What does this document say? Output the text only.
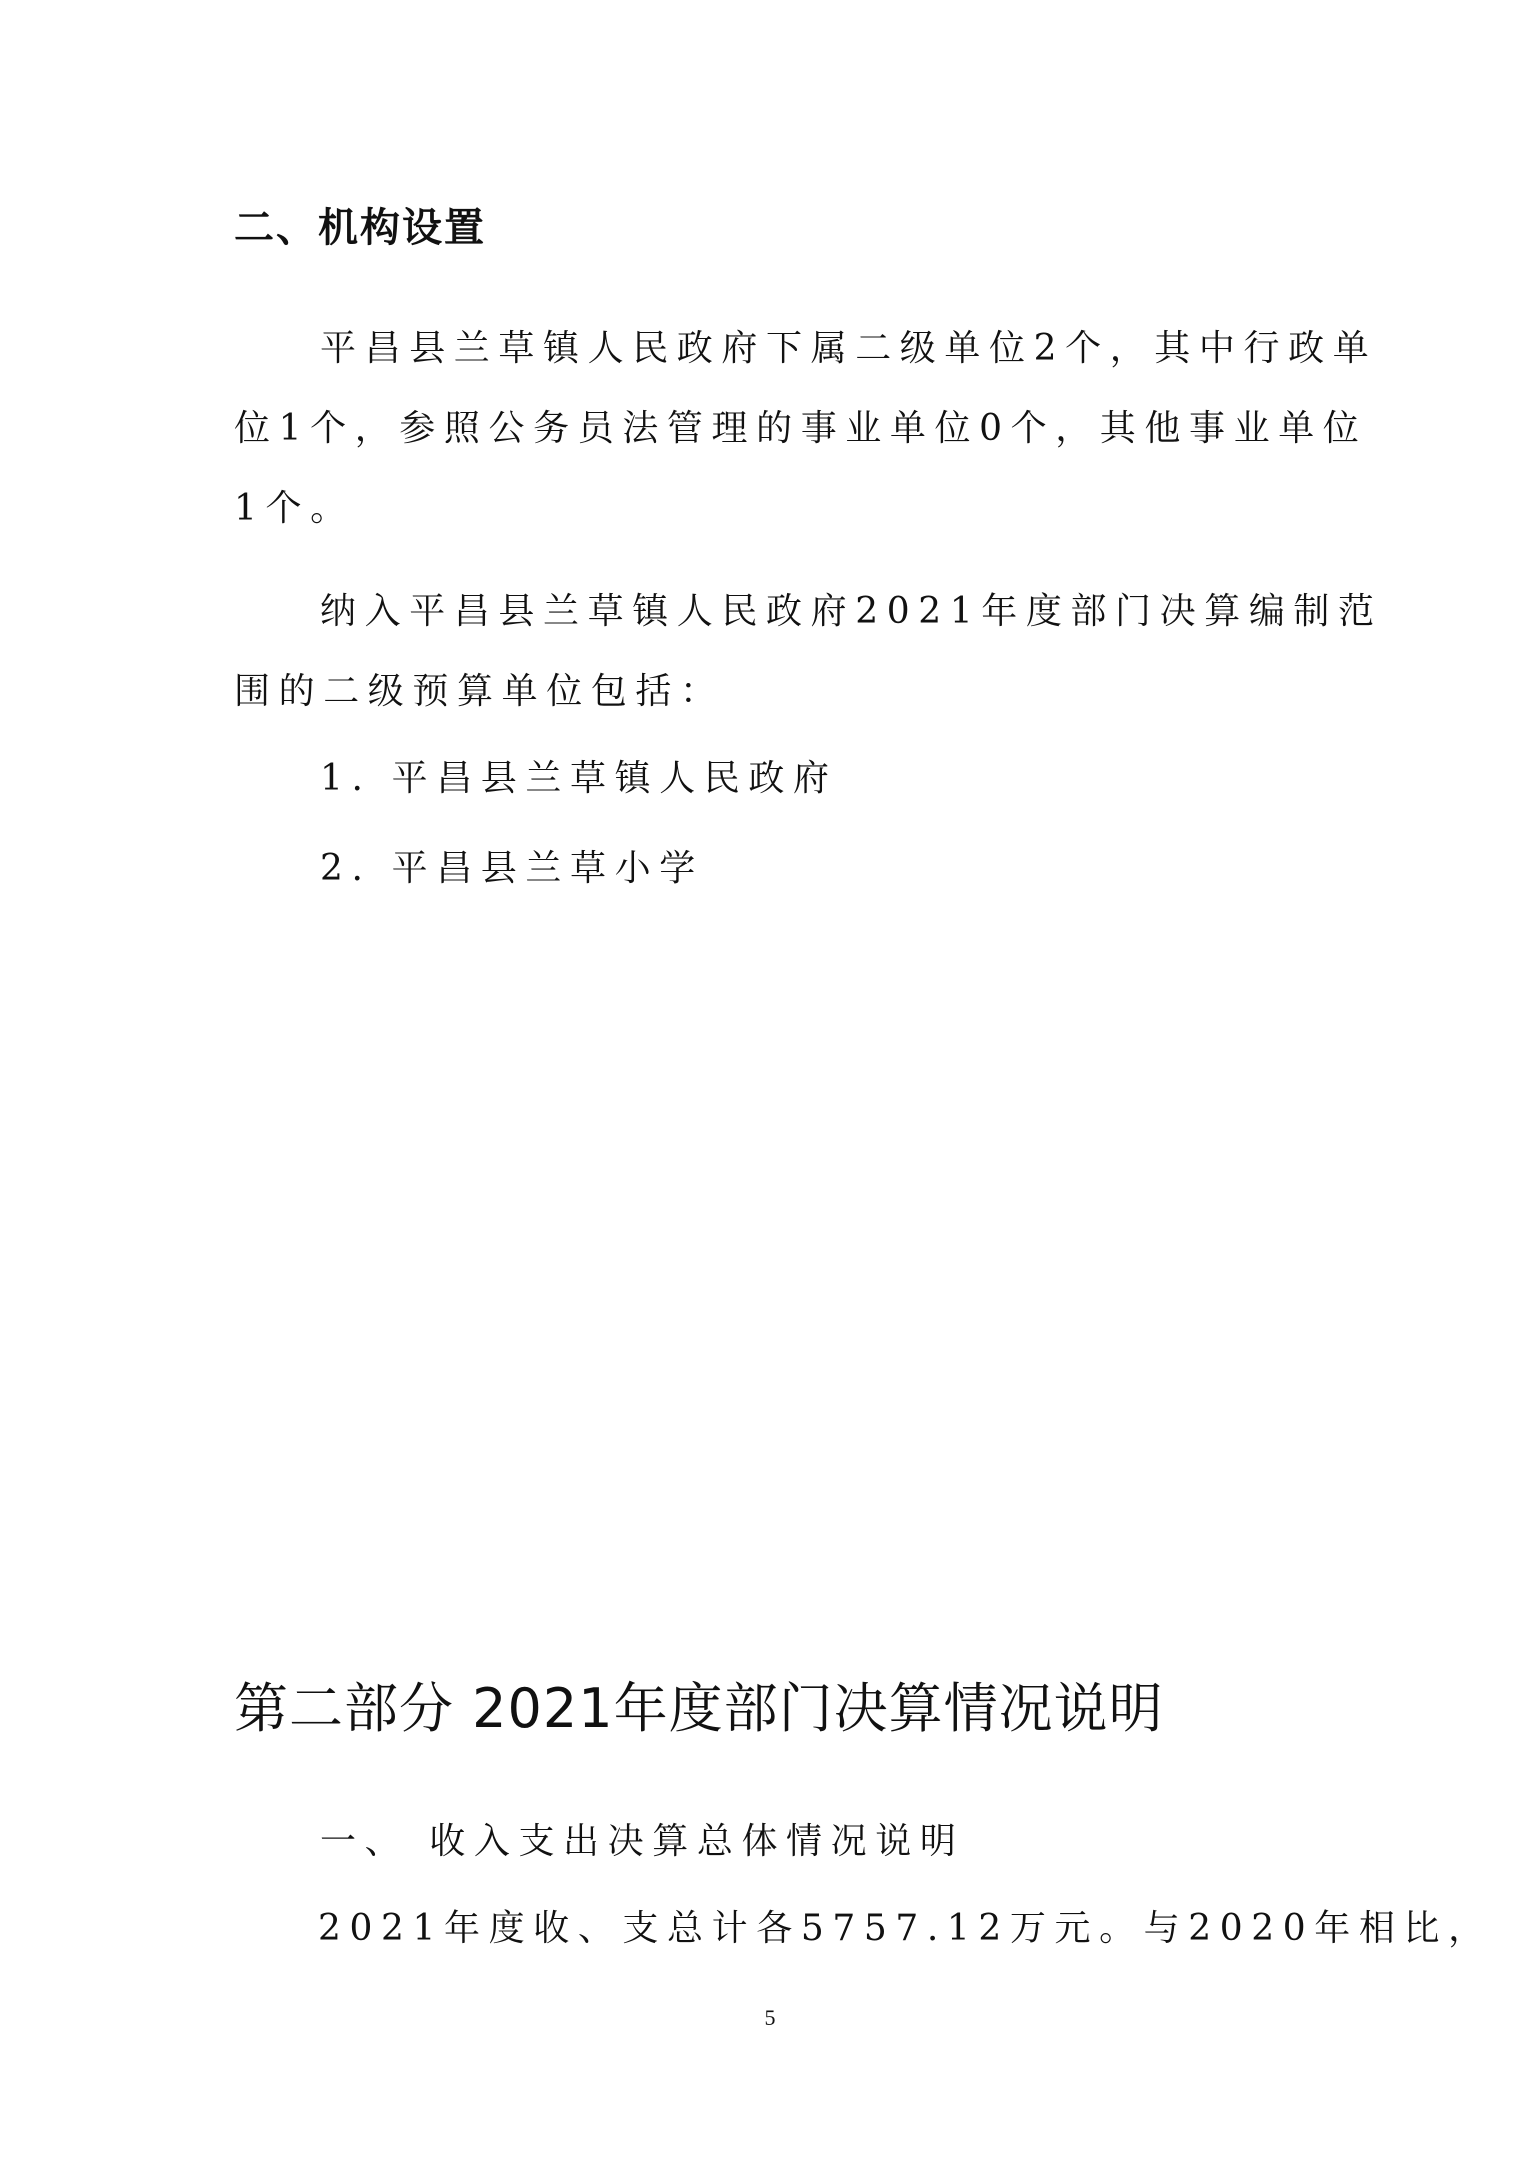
二、机构设置

平昌县兰草镇人民政府下属二级单位2个，其中行政单

位1个，参照公务员法管理的事业单位0个，其他事业单位

1个。

纳入平昌县兰草镇人民政府2021年度部门决算编制范

围的二级预算单位包括：

1. 平昌县兰草镇人民政府

2. 平昌县兰草小学

第二部分 2021年度部门决算情况说明

一、 收入支出决算总体情况说明

2021年度收、支总计各5757.12万元。与2020年相比，

5
